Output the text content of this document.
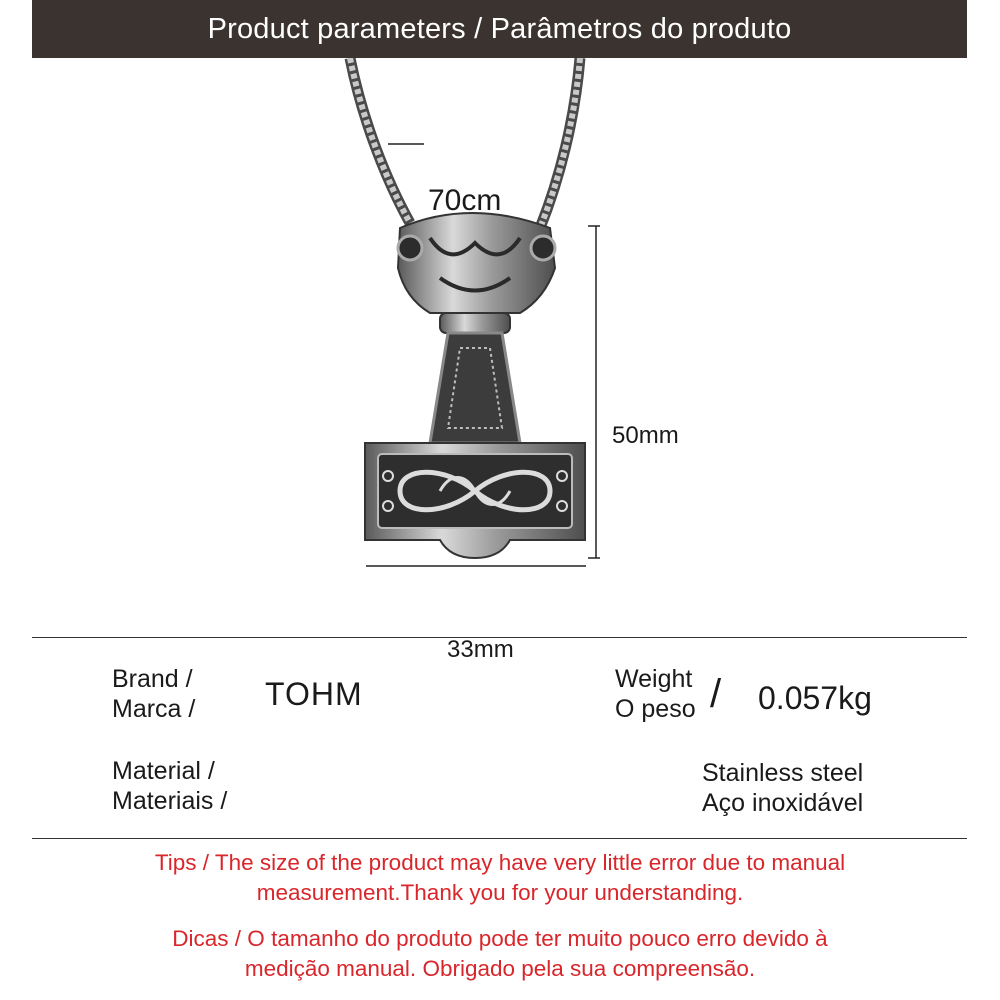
Product parameters / Parâmetros do produto
70cm
50mm
33mm
Brand /
Marca / TOHM	Weight
O peso / 0.057kg
Material /
Materiais /
Stainless steel
Aço inoxidável
Tips / The size of the product may have very little error due to manual
measurement.Thank you for your understanding.
Dicas / O tamanho do produto pode ter muito pouco erro devido à
medição manual. Obrigado pela sua compreensão.
